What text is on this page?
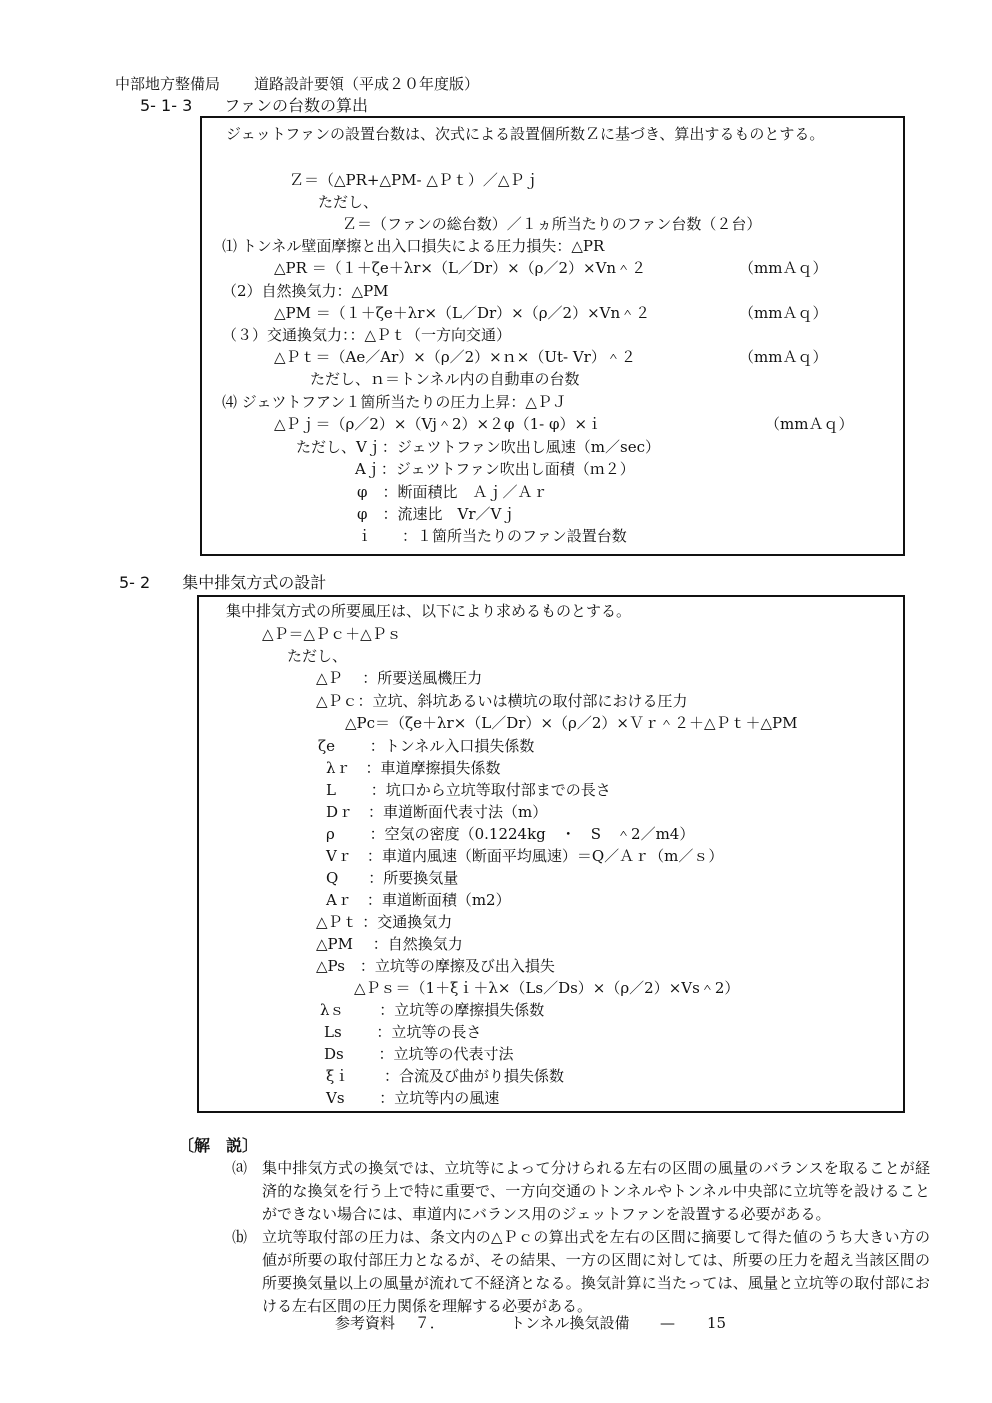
中部地方整備局 道路設計要領（平成２０年度版）
5‐ 1‐ 3　　ファンの台数の算出
ジェットファンの設置台数は、次式による設置個所数Ｚに基づき、算出するものとする。
Ｚ＝（△PR+△PM‐ △Ｐｔ）／△Ｐｊ
ただし、
Ｚ＝（ファンの総台数）／１ヵ所当たりのファン台数（２台）
⑴ トンネル壁面摩擦と出入口損失による圧力損失：△PR
△PR ＝（１＋ζe＋λr×（L／Dr）×（ρ／2）×Vn＾２	（mmＡｑ）
（2）自然換気力：△PM
△PM ＝（１＋ζe＋λr×（L／Dr）×（ρ／2）×Vn＾２	（mmＡｑ）
（３）交通換気力：：△Ｐｔ（一方向交通）
△Ｐｔ＝（Ae／Ar）×（ρ／2）×ｎ×（Ut‐ Vr）＾２	（mmＡｑ）
ただし、ｎ＝トンネル内の自動車の台数
⑷ ジェツトフアン１箇所当たりの圧力上昇：△ＰＪ
△Ｐｊ＝（ρ／2）×（Vj＾2）×２φ（1‐ φ）×ｉ	（mmＡｑ）
ただし、Vｊ：ジェツトファン吹出し風速（m／sec）
Aｊ：ジェツトファン吹出し面積（ｍ２）
φ　：断面積比　Ａｊ／Ａｒ
φ　：流速比　Vr／Vｊ
ｉ　　：１箇所当たりのファン設置台数
5‐ 2　　集中排気方式の設計
集中排気方式の所要風圧は、以下により求めるものとする。
△Ｐ＝△Ｐｃ＋△Ｐｓ
ただし、
△Ｐ　 ：所要送風機圧力
△Ｐｃ：立坑、斜坑あるいは横坑の取付部における圧力
△Pc＝（ζe＋λr×（L／Dr）×（ρ／2）×Ｖｒ＾２＋△Ｐｔ＋△PM
ζe　　 ：トンネル入口損失係数
λｒ　：車道摩擦損失係数
L　　 ：坑口から立坑等取付部までの長さ
Dｒ　：車道断面代表寸法（m）
ρ　　 ：空気の密度（0.1224kg　・　S　＾2／m4）
Vｒ　：車道内風速（断面平均風速）＝Q／Ａｒ（m／ｓ）
Q　　：所要換気量
Aｒ　：車道断面積（m2）
△Ｐｔ ：交通換気力
△PM　 ：自然換気力
△Ps　：立坑等の摩擦及び出入損失
△Ｐｓ＝（1＋ξｉ＋λ×（Ls／Ds）×（ρ／2）×Vs＾2）
λｓ　　 ：立坑等の摩擦損失係数
Ls　　 ：立坑等の長さ
Ds　　 ：立坑等の代表寸法
ξｉ　　 ：合流及び曲がり損失係数
Vs　　 ：立坑等内の風速
〔解　説〕
⒜ 集中排気方式の換気では、立坑等によって分けられる左右の区間の風量のバランスを取ることが経済的な換気を行う上で特に重要で、一方向交通のトンネルやトンネル中央部に立坑等を設けることができない場合には、車道内にバランス用のジェットファンを設置する必要がある。
⒝ 立坑等取付部の圧力は、条文内の△Ｐｃの算出式を左右の区間に摘要して得た値のうち大きい方の値が所要の取付部圧力となるが、その結果、一方の区間に対しては、所要の圧力を超え当該区間の所要換気量以上の風量が流れて不経済となる。換気計算に当たっては、風量と立坑等の取付部における左右区間の圧力関係を理解する必要がある。
参考資料　 ７．	トンネル換気設備 — 15
